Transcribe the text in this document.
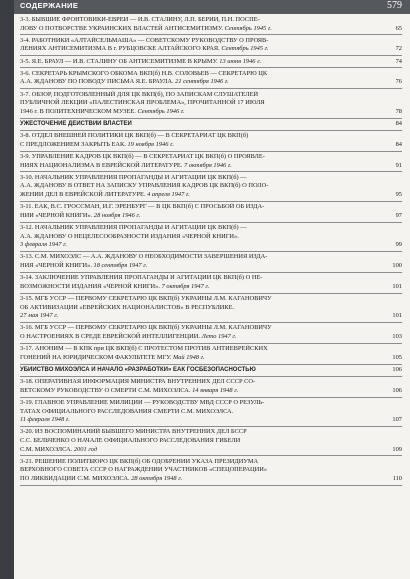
СОДЕРЖАНИЕ	579
3-3. БЫВШИЕ ФРОНТОВИКИ-ЕВРЕИ — И.В. СТАЛИНУ, Л.П. БЕРИИ, П.Н. ПОСПЕ-
ЛОВУ О ПОТВОРСТВЕ УКРАИНСКИХ ВЛАСТЕЙ АНТИСЕМИТИЗМУ. Сентябрь 1945 г.	65
3-4. РАБОТНИКИ «АЛТАЙСЕЛЬМАША» — СОВЕТСКОМУ РУКОВОДСТВУ О ПРОЯВ-
ЛЕНИЯХ АНТИСЕМИТИЗМА В г. РУБЦОВСКЕ АЛТАЙСКОГО КРАЯ. Сентябрь 1945 г.	72
3-5. Я.Е. БРАУЛ — И.В. СТАЛИНУ ОБ АНТИСЕМИТИЗМЕ В КРЫМУ. 13 июня 1946 г.	74
3-6. СЕКРЕТАРЬ КРЫМСКОГО ОБКОМА ВКП(б) Н.В. СОЛОВЬЕВ — СЕКРЕТАРЮ ЦК
А.А. ЖДАНОВУ ПО ПОВОДУ ПИСЬМА Я.Е. БРАУЛА. 21 сентября 1946 г.	76
3-7. ОБЗОР, ПОДГОТОВЛЕННЫЙ ДЛЯ ЦК ВКП(б), ПО ЗАПИСКАМ СЛУШАТЕЛЕЙ
ПУБЛИЧНОЙ ЛЕКЦИИ «ПАЛЕСТИНСКАЯ ПРОБЛЕМА», ПРОЧИТАННОЙ 17 ИЮЛЯ
1946 г. В ПОЛИТЕХНИЧЕСКОМ МУЗЕЕ. Сентябрь 1946 г.	78
УЖЕСТОЧЕНИЕ ДЕЙСТВИЙ ВЛАСТЕЙ	84
3-8. ОТДЕЛ ВНЕШНЕЙ ПОЛИТИКИ ЦК ВКП(б) — В СЕКРЕТАРИАТ ЦК ВКП(б)
С ПРЕДЛОЖЕНИЕМ ЗАКРЫТЬ ЕАК. 19 ноября 1946 г.	84
3-9. УПРАВЛЕНИЕ КАДРОВ ЦК ВКП(б) — В СЕКРЕТАРИАТ ЦК ВКП(б) О ПРОЯВЛЕ-
НИЯХ НАЦИОНАЛИЗМА В ЕВРЕЙСКОЙ ЛИТЕРАТУРЕ. 7 октября 1946 г.	91
3-10. НАЧАЛЬНИК УПРАВЛЕНИЯ ПРОПАГАНДЫ И АГИТАЦИИ ЦК ВКП(б) —
А.А. ЖДАНОВУ В ОТВЕТ НА ЗАПИСКУ УПРАВЛЕНИЯ КАДРОВ ЦК ВКП(б) О ПОЛО-
ЖЕНИИ ДЕЛ В ЕВРЕЙСКОЙ ЛИТЕРАТУРЕ. 4 апреля 1947 г.	95
3-11. ЕАК, В.С. ГРОССМАН, И.Г. ЭРЕНБУРГ — В ЦК ВКП(б) С ПРОСЬБОЙ ОБ ИЗДА-
НИИ «ЧЕРНОЙ КНИГИ». 28 ноября 1946 г.	97
3-12. НАЧАЛЬНИК УПРАВЛЕНИЯ ПРОПАГАНДЫ И АГИТАЦИИ ЦК ВКП(б) —
А.А. ЖДАНОВУ О НЕЦЕЛЕСООБРАЗНОСТИ ИЗДАНИЯ «ЧЕРНОЙ КНИГИ».
3 февраля 1947 г.	99
3-13. С.М. МИХОЭЛС — А.А. ЖДАНОВУ О НЕОБХОДИМОСТИ ЗАВЕРШЕНИЯ ИЗДА-
НИЯ «ЧЕРНОЙ КНИГИ». 18 сентября 1947 г.	100
3-14. ЗАКЛЮЧЕНИЕ УПРАВЛЕНИЯ ПРОПАГАНДЫ И АГИТАЦИИ ЦК ВКП(б) О НЕ-
ВОЗМОЖНОСТИ ИЗДАНИЯ «ЧЕРНОЙ КНИГИ». 7 октября 1947 г.	101
3-15. МГБ УССР — ПЕРВОМУ СЕКРЕТАРЮ ЦК ВКП(б) УКРАИНЫ Л.М. КАГАНОВИЧУ
ОБ АКТИВИЗАЦИИ «ЕВРЕЙСКИХ НАЦИОНАЛИСТОВ» В РЕСПУБЛИКЕ.
27 мая 1947 г.	101
3-16. МГБ УССР — ПЕРВОМУ СЕКРЕТАРЮ ЦК ВКП(б) УКРАИНЫ Л.М. КАГАНОВИЧУ
О НАСТРОЕНИЯХ В СРЕДЕ ЕВРЕЙСКОЙ ИНТЕЛЛИГЕНЦИИ. Лето 1947 г.	103
3-17. АНОНИМ — В КПК при ЦК ВКП(б) С ПРОТЕСТОМ ПРОТИВ АНТИЕВРЕЙСКИХ
ГОНЕНИЙ НА ЮРИДИЧЕСКОМ ФАКУЛЬТЕТЕ МГУ. Май 1948 г.	105
УБИЙСТВО МИХОЭЛСА И НАЧАЛО «РАЗРАБОТКИ» ЕАК ГОСБЕЗОПАСНОСТЬЮ	106
3-18. ОПЕРАТИВНАЯ ИНФОРМАЦИЯ МИНИСТРА ВНУТРЕННИХ ДЕЛ СССР СО-
ВЕТСКОМУ РУКОВОДСТВУ О СМЕРТИ С.М. МИХОЭЛСА. 14 января 1948 г.	106
3-19. ГЛАВНОЕ УПРАВЛЕНИЕ МИЛИЦИИ — РУКОВОДСТВУ МВД СССР О РЕЗУЛЬ-
ТАТАХ ОФИЦИАЛЬНОГО РАССЛЕДОВАНИЯ СМЕРТИ С.М. МИХОЭЛСА.
11 февраля 1948 г.	107
3-20. ИЗ ВОСПОМИНАНИЙ БЫВШЕГО МИНИСТРА ВНУТРЕННИХ ДЕЛ БССР
С.С. БЕЛЬЧЕНКО О НАЧАЛЕ ОФИЦИАЛЬНОГО РАССЛЕДОВАНИЯ ГИБЕЛИ
С.М. МИХОЭЛСА. 2001 год	109
3-21. РЕШЕНИЕ ПОЛИТБЮРО ЦК ВКП(б) ОБ ОДОБРЕНИИ УКАЗА ПРЕЗИДИУМА
ВЕРХОВНОГО СОВЕТА СССР О НАГРАЖДЕНИИ УЧАСТНИКОВ «СПЕЦОПЕРАЦИИ»
ПО ЛИКВИДАЦИИ С.М. МИХОЭЛСА. 28 октября 1948 г.	110
